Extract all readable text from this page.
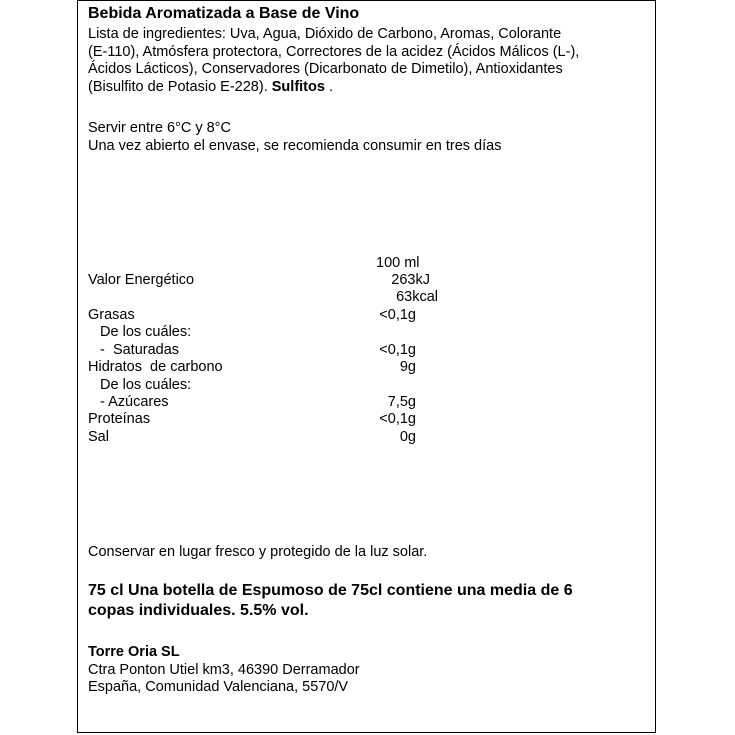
Bebida Aromatizada a Base de Vino
Lista de ingredientes: Uva, Agua, Dióxido de Carbono, Aromas, Colorante
(E-110), Atmósfera protectora, Correctores de la acidez (Ácidos Málicos (L-),
Ácidos Lácticos), Conservadores (Dicarbonato de Dimetilo), Antioxidantes
(Bisulfito de Potasio E-228). Sulfitos .
Servir entre 6°C y 8°C
Una vez abierto el envase, se recomienda consumir en tres días
100 ml
Valor Energético	263kJ
63kcal
Grasas	<0,1g
De los cuáles:
-  Saturadas	<0,1g
Hidratos  de carbono	9g
De los cuáles:
- Azúcares	7,5g
Proteínas	<0,1g
Sal	0g
Conservar en lugar fresco y protegido de la luz solar.
75 cl Una botella de Espumoso de 75cl contiene una media de 6
copas individuales. 5.5% vol.
Torre Oria SL
Ctra Ponton Utiel km3, 46390 Derramador
España, Comunidad Valenciana, 5570/V
